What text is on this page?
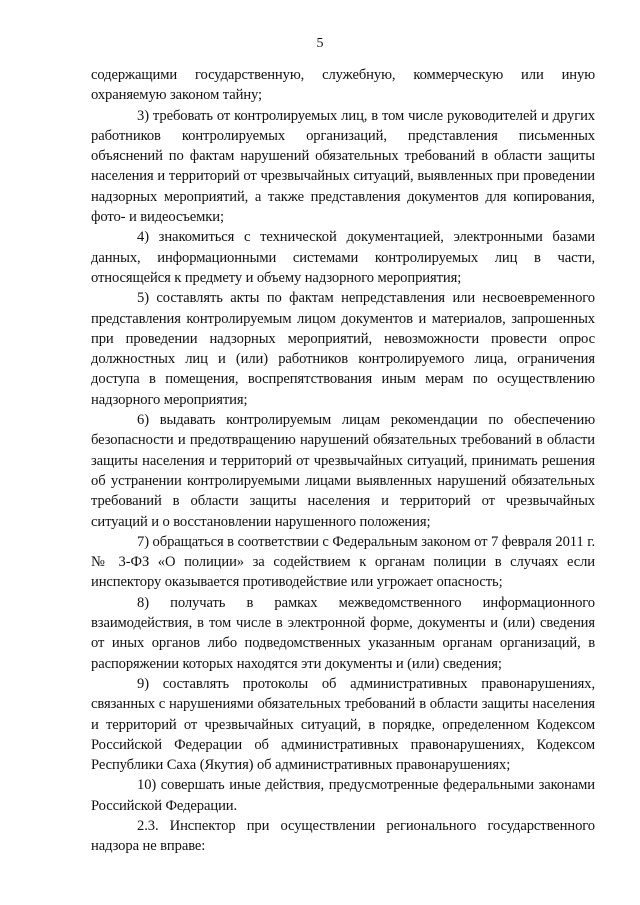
5

содержащими государственную, служебную, коммерческую или иную охраняемую законом тайну;

3) требовать от контролируемых лиц, в том числе руководителей и других работников контролируемых организаций, представления письменных объяснений по фактам нарушений обязательных требований в области защиты населения и территорий от чрезвычайных ситуаций, выявленных при проведении надзорных мероприятий, а также представления документов для копирования, фото- и видеосъемки;

4) знакомиться с технической документацией, электронными базами данных, информационными системами контролируемых лиц в части, относящейся к предмету и объему надзорного мероприятия;

5) составлять акты по фактам непредставления или несвоевременного представления контролируемым лицом документов и материалов, запрошенных при проведении надзорных мероприятий, невозможности провести опрос должностных лиц и (или) работников контролируемого лица, ограничения доступа в помещения, воспрепятствования иным мерам по осуществлению надзорного мероприятия;

6) выдавать контролируемым лицам рекомендации по обеспечению безопасности и предотвращению нарушений обязательных требований в области защиты населения и территорий от чрезвычайных ситуаций, принимать решения об устранении контролируемыми лицами выявленных нарушений обязательных требований в области защиты населения и территорий от чрезвычайных ситуаций и о восстановлении нарушенного положения;

7) обращаться в соответствии с Федеральным законом от 7 февраля 2011 г. № 3-ФЗ «О полиции» за содействием к органам полиции в случаях если инспектору оказывается противодействие или угрожает опасность;

8) получать в рамках межведомственного информационного взаимодействия, в том числе в электронной форме, документы и (или) сведения от иных органов либо подведомственных указанным органам организаций, в распоряжении которых находятся эти документы и (или) сведения;

9) составлять протоколы об административных правонарушениях, связанных с нарушениями обязательных требований в области защиты населения и территорий от чрезвычайных ситуаций, в порядке, определенном Кодексом Российской Федерации об административных правонарушениях, Кодексом Республики Саха (Якутия) об административных правонарушениях;

10) совершать иные действия, предусмотренные федеральными законами Российской Федерации.

2.3. Инспектор при осуществлении регионального государственного надзора не вправе:
